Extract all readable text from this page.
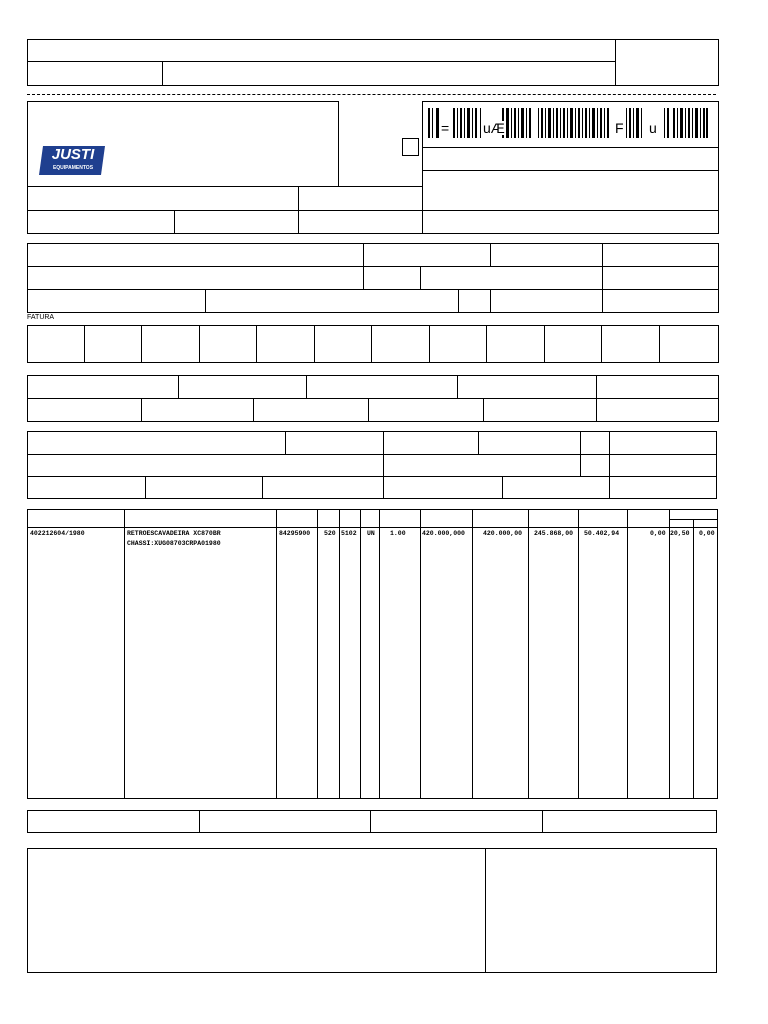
JUSTI
EQUIPAMENTOS
= uÆ	F u
FATURA
402212604/1980	RETROESCAVADEIRA XC870BR
CHASSI:XUG08703CRPA01980
84295900 520 5102 UN 1.00	420.000,000	420.000,00 245.868,00 50.402,94	0,00 20,50 0,00
